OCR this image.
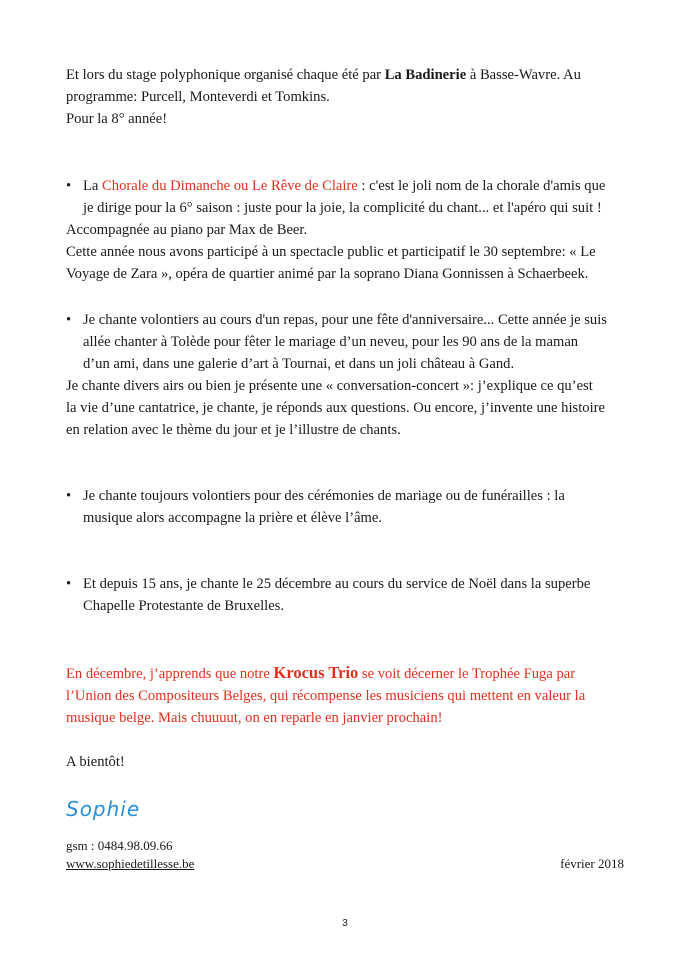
Et lors du stage polyphonique organisé chaque été par La Badinerie à Basse-Wavre. Au

programme: Purcell, Monteverdi et Tomkins.

Pour la 8° année!

• La Chorale du Dimanche ou Le Rêve de Claire : c'est le joli nom de la chorale d'amis que

je dirige pour la 6° saison : juste pour la joie, la complicité du chant... et l'apéro qui suit !

Accompagnée au piano par Max de Beer.

Cette année nous avons participé à un spectacle public et participatif le 30 septembre: « Le

Voyage de Zara », opéra de quartier animé par la soprano Diana Gonnissen à Schaerbeek.

• Je chante volontiers au cours d'un repas, pour une fête d'anniversaire... Cette année je suis

allée chanter à Tolède pour fêter le mariage d’un neveu, pour les 90 ans de la maman

d’un ami, dans une galerie d’art à Tournai, et dans un joli château à Gand.

Je chante divers airs ou bien je présente une « conversation-concert »: j’explique ce qu’est

la vie d’une cantatrice, je chante, je réponds aux questions. Ou encore, j’invente une histoire

en relation avec le thème du jour et je l’illustre de chants.

• Je chante toujours volontiers pour des cérémonies de mariage ou de funérailles : la

musique alors accompagne la prière et élève l’âme.

• Et depuis 15 ans, je chante le 25 décembre au cours du service de Noël dans la superbe

Chapelle Protestante de Bruxelles.

En décembre, j’apprends que notre Krocus Trio se voit décerner le Trophée Fuga par

l’Union des Compositeurs Belges, qui récompense les musiciens qui mettent en valeur la

musique belge. Mais chuuuut, on en reparle en janvier prochain!

A bientôt!

Sophie
gsm : 0484.98.09.66
www.sophiedetillesse.be	février 2018
3
